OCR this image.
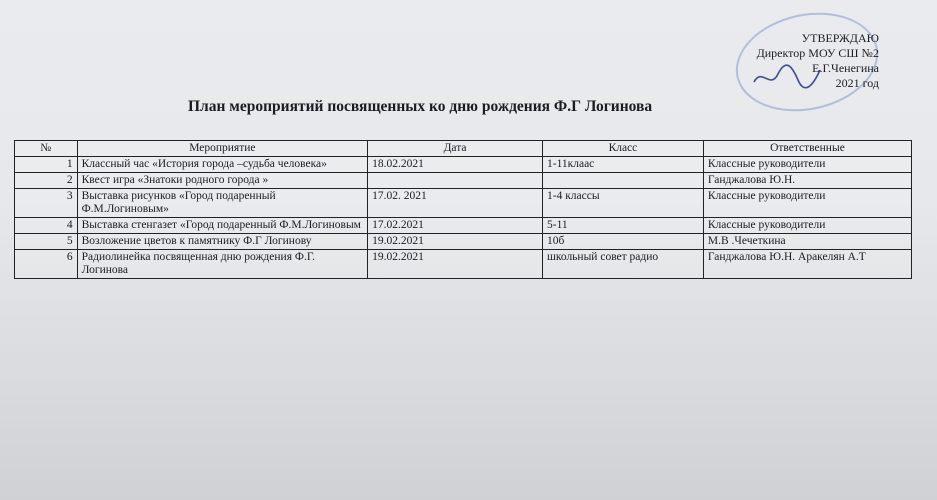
УТВЕРЖДАЮ
Директор МОУ СШ №2
Е.Г.Ченегина
2021 год
План мероприятий посвященных ко дню рождения Ф.Г Логинова
№	Мероприятие	Дата	Класс	Ответственные
1	Классный час «История города –судьба человека»	18.02.2021	1-11клаас	Классные руководители
2	Квест игра «Знатоки родного города »			Ганджалова Ю.Н.
3	Выставка рисунков «Город подаренный Ф.М.Логиновым»	17.02. 2021	1-4 классы	Классные руководители
4	Выставка стенгазет «Город подаренный Ф.М.Логиновым	17.02.2021	5-11	Классные руководители
5	Возложение цветов к памятнику Ф.Г Логинову	19.02.2021	10б	М.В .Чечеткина
6	Радиолинейка посвященная дню рождения Ф.Г. Логинова	19.02.2021	школьный совет радио	Ганджалова Ю.Н. Аракелян А.Т
